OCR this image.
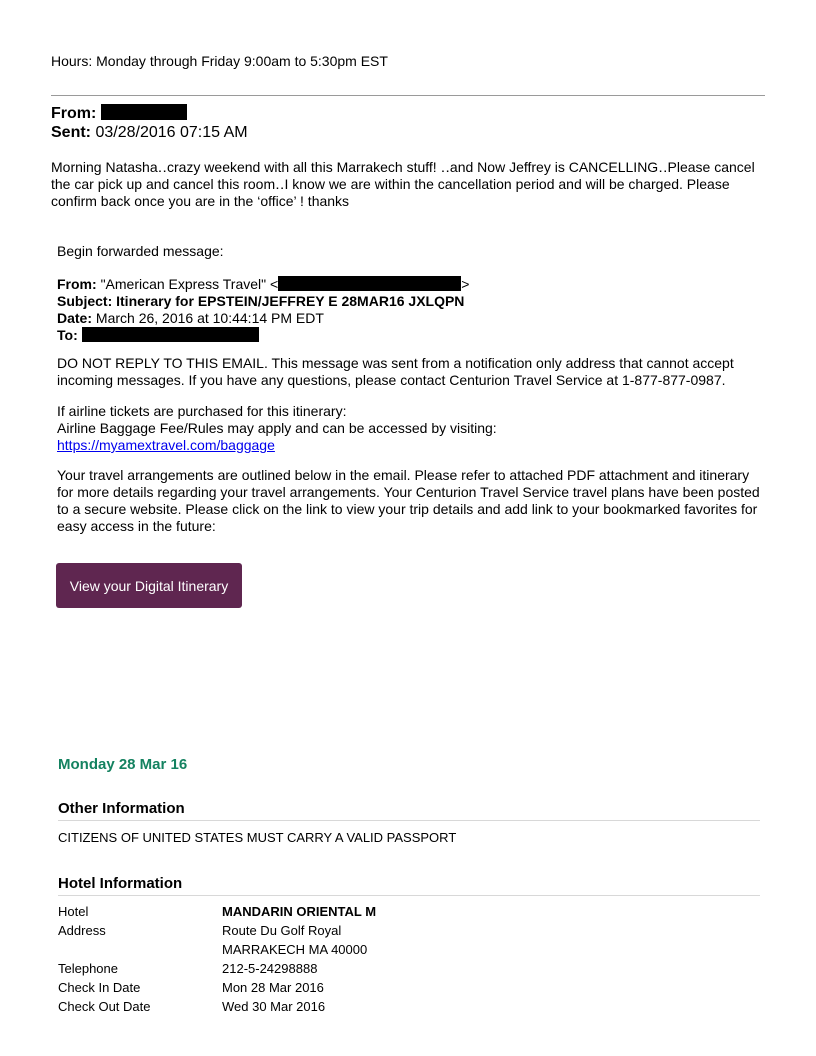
Hours: Monday through Friday 9:00am to 5:30pm EST
From:
Sent: 03/28/2016 07:15 AM
Morning Natasha‥crazy weekend with all this Marrakech stuff! ‥and Now Jeffrey is CANCELLING‥Please cancel the car pick up and cancel this room‥I know we are within the cancellation period and will be charged. Please confirm back once you are in the ‘office’ ! thanks
Begin forwarded message:
From: "American Express Travel" <	>
Subject: Itinerary for EPSTEIN/JEFFREY E 28MAR16 JXLQPN
Date: March 26, 2016 at 10:44:14 PM EDT
To:
DO NOT REPLY TO THIS EMAIL. This message was sent from a notification only address that cannot accept incoming messages. If you have any questions, please contact Centurion Travel Service at 1-877-877-0987.
If airline tickets are purchased for this itinerary:
Airline Baggage Fee/Rules may apply and can be accessed by visiting:
https://myamextravel.com/baggage
Your travel arrangements are outlined below in the email. Please refer to attached PDF attachment and itinerary for more details regarding your travel arrangements. Your Centurion Travel Service travel plans have been posted to a secure website. Please click on the link to view your trip details and add link to your bookmarked favorites for easy access in the future:
View your Digital Itinerary
Monday 28 Mar 16
Other Information
CITIZENS OF UNITED STATES MUST CARRY A VALID PASSPORT
Hotel Information
Hotel	MANDARIN ORIENTAL M
Address	Route Du Golf Royal
	MARRAKECH MA 40000
Telephone	212-5-24298888
Check In Date	Mon 28 Mar 2016
Check Out Date	Wed 30 Mar 2016
